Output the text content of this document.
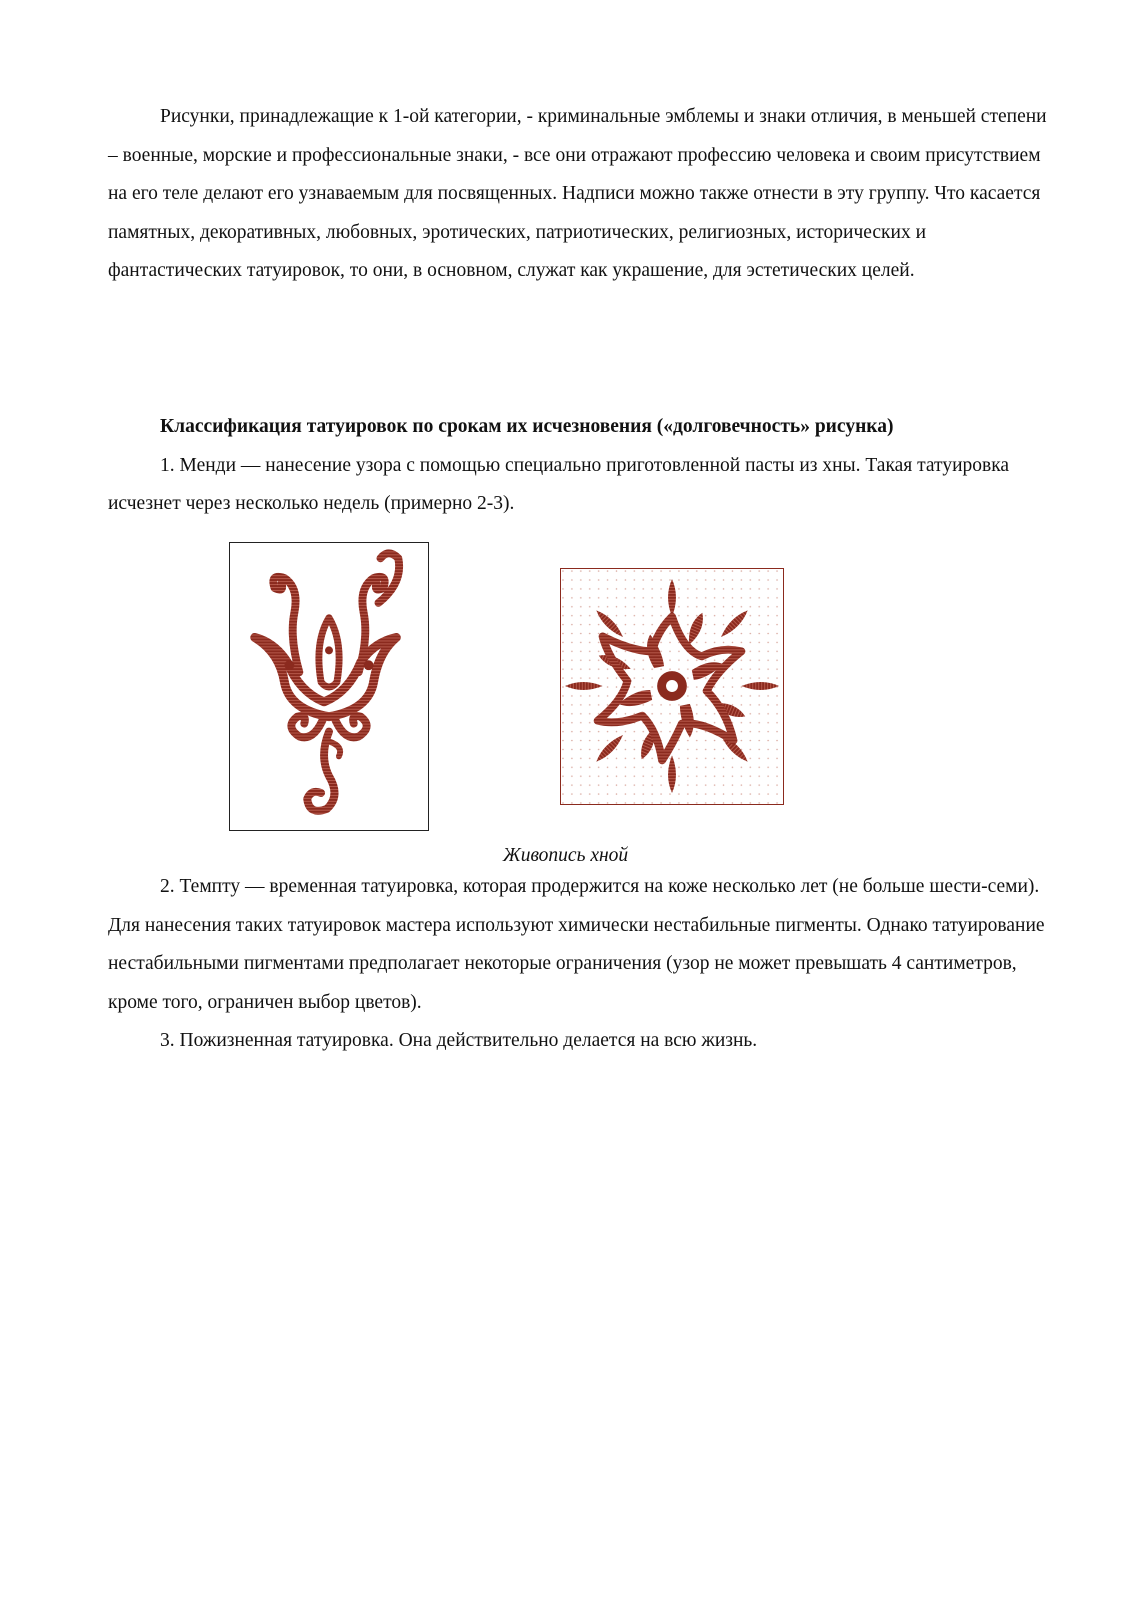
Рисунки, принадлежащие к 1-ой категории, - криминальные эмблемы и знаки отличия, в меньшей степени – военные, морские и профессиональные знаки, - все они отражают профессию человека и своим присутствием на его теле делают его узнаваемым для посвященных. Надписи можно также отнести в эту группу. Что касается памятных, декоративных, любовных, эротических, патриотических, религиозных, исторических и фантастических татуировок, то они, в основном, служат как украшение, для эстетических целей.

Классификация татуировок по срокам их исчезновения («долговечность» рисунка)

1. Менди — нанесение узора с помощью специально приготовленной пасты из хны. Такая татуировка исчезнет через несколько недель (примерно 2-3).

Живопись хной

2. Темпту — временная татуировка, которая продержится на коже несколько лет (не больше шести-семи). Для нанесения таких татуировок мастера используют химически нестабильные пигменты. Однако татуирование нестабильными пигментами предполагает некоторые ограничения (узор не может превышать 4 сантиметров, кроме того, ограничен выбор цветов).

3. Пожизненная татуировка. Она действительно делается на всю жизнь.
